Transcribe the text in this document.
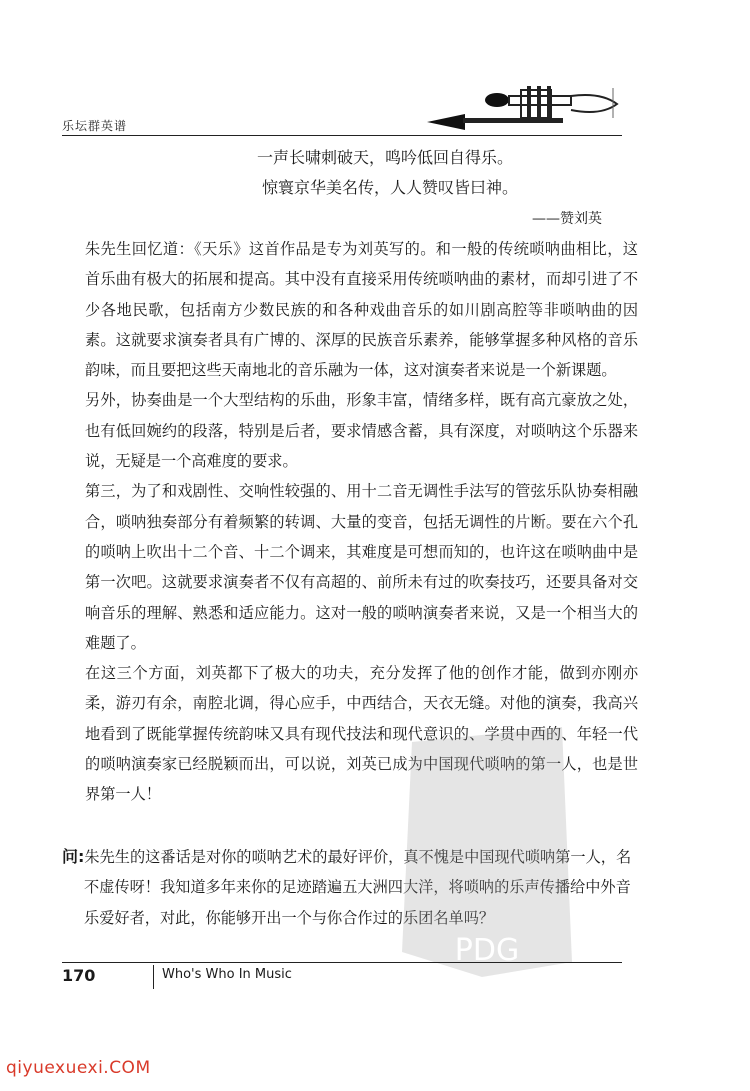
乐坛群英谱
一声长啸刺破天，鸣吟低回自得乐。
惊寰京华美名传，人人赞叹皆曰神。
——赞刘英

朱先生回忆道：《天乐》这首作品是专为刘英写的。和一般的传统唢呐曲相比，这首乐曲有极大的拓展和提高。其中没有直接采用传统唢呐曲的素材，而却引进了不少各地民歌，包括南方少数民族的和各种戏曲音乐的如川剧高腔等非唢呐曲的因素。这就要求演奏者具有广博的、深厚的民族音乐素养，能够掌握多种风格的音乐韵味，而且要把这些天南地北的音乐融为一体，这对演奏者来说是一个新课题。

另外，协奏曲是一个大型结构的乐曲，形象丰富，情绪多样，既有高亢豪放之处，也有低回婉约的段落，特别是后者，要求情感含蓄，具有深度，对唢呐这个乐器来说，无疑是一个高难度的要求。

第三，为了和戏剧性、交响性较强的、用十二音无调性手法写的管弦乐队协奏相融合，唢呐独奏部分有着频繁的转调、大量的变音，包括无调性的片断。要在六个孔的唢呐上吹出十二个音、十二个调来，其难度是可想而知的，也许这在唢呐曲中是第一次吧。这就要求演奏者不仅有高超的、前所未有过的吹奏技巧，还要具备对交响音乐的理解、熟悉和适应能力。这对一般的唢呐演奏者来说，又是一个相当大的难题了。

在这三个方面，刘英都下了极大的功夫，充分发挥了他的创作才能，做到亦刚亦柔，游刃有余，南腔北调，得心应手，中西结合，天衣无缝。对他的演奏，我高兴地看到了既能掌握传统韵味又具有现代技法和现代意识的、学贯中西的、年轻一代的唢呐演奏家已经脱颖而出，可以说，刘英已成为中国现代唢呐的第一人，也是世界第一人！

问:朱先生的这番话是对你的唢呐艺术的最好评价，真不愧是中国现代唢呐第一人，名不虚传呀！我知道多年来你的足迹踏遍五大洲四大洋，将唢呐的乐声传播给中外音乐爱好者，对此，你能够开出一个与你合作过的乐团名单吗？
PDG
170	Who's Who In Music
qiyuexuexi.COM
